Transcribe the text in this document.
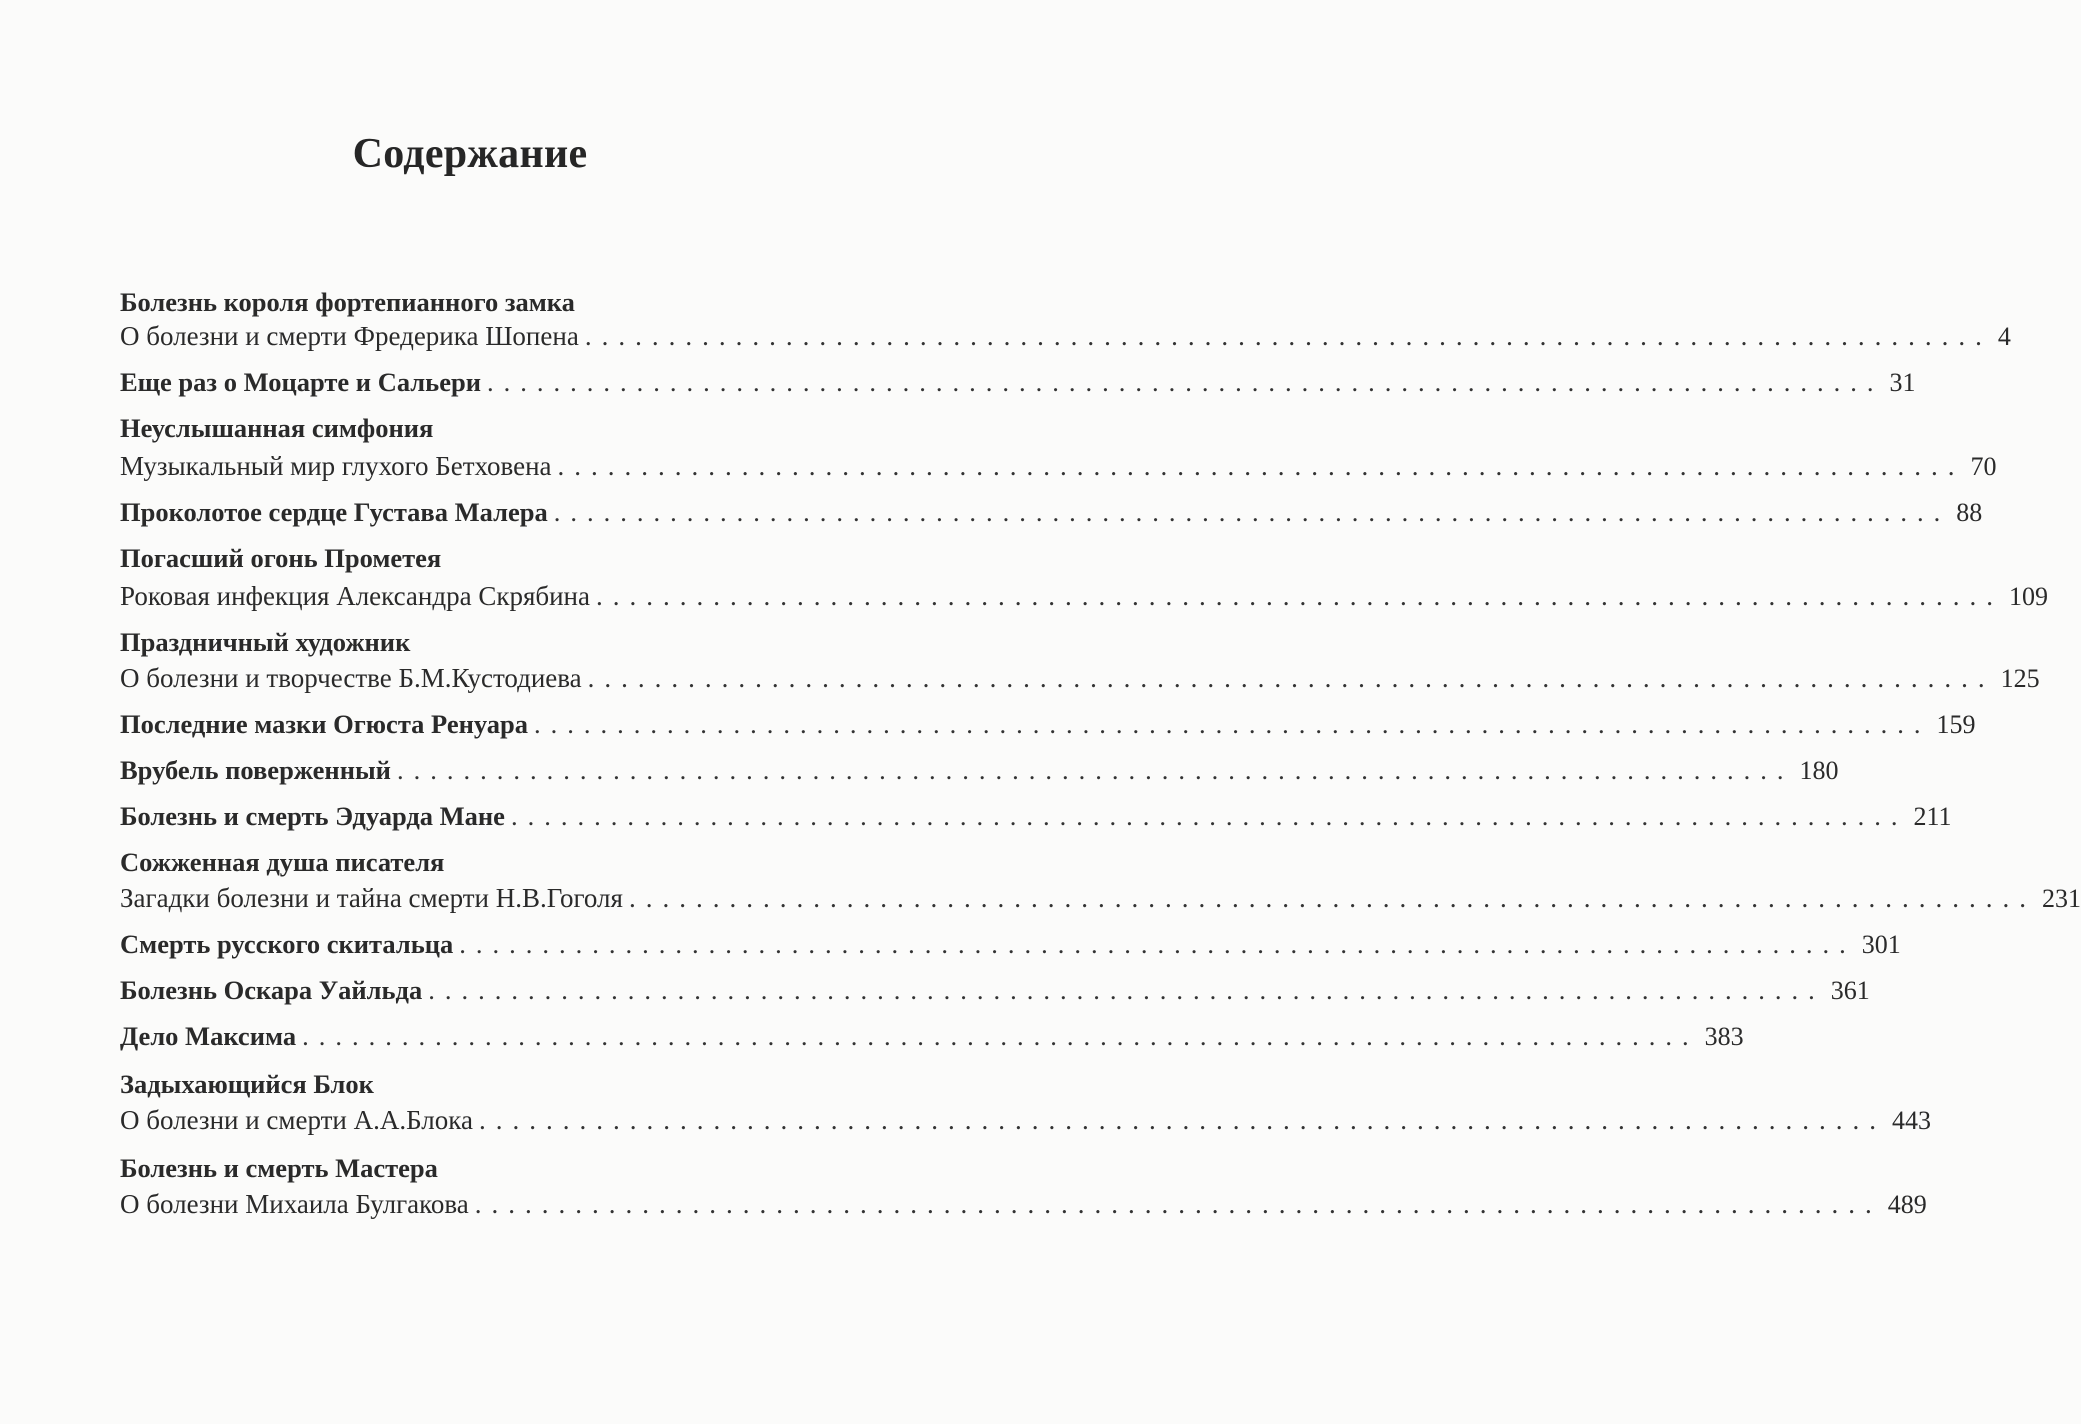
Содержание
Болезнь короля фортепианного замка
О болезни и смерти Фредерика Шопена .................................................................................... 4
Еще раз о Моцарте и Сальери .................................................................................... 31
Неуслышанная симфония
Музыкальный мир глухого Бетховена .................................................................................... 70
Проколотое сердце Густава Малера .................................................................................... 88
Погасший огонь Прометея
Роковая инфекция Александра Скрябина .................................................................................... 109
Праздничный художник
О болезни и творчестве Б.М.Кустодиева .................................................................................... 125
Последние мазки Огюста Ренуара .................................................................................... 159
Врубель поверженный .................................................................................... 180
Болезнь и смерть Эдуарда Мане .................................................................................... 211
Сожженная душа писателя
Загадки болезни и тайна смерти Н.В.Гоголя .................................................................................... 231
Смерть русского скитальца .................................................................................... 301
Болезнь Оскара Уайльда .................................................................................... 361
Дело Максима .................................................................................... 383
Задыхающийся Блок
О болезни и смерти А.А.Блока .................................................................................... 443
Болезнь и смерть Мастера
О болезни Михаила Булгакова .................................................................................... 489
